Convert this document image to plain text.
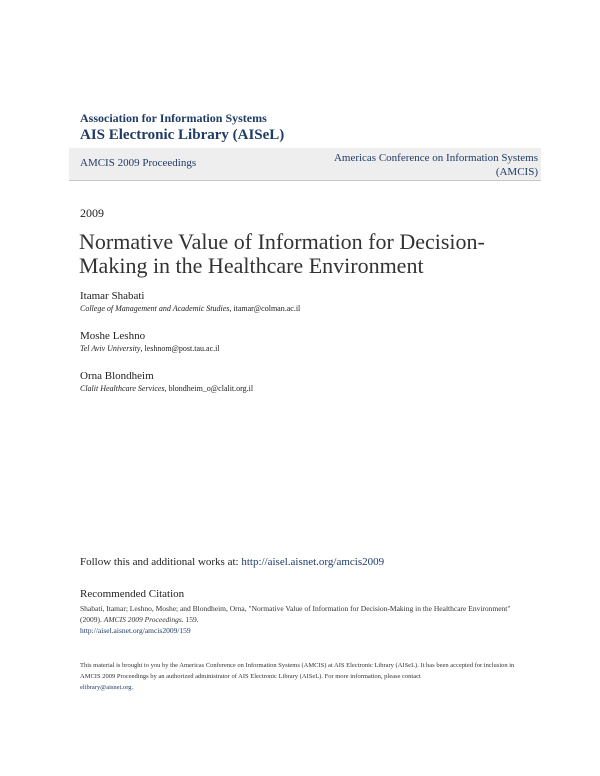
Association for Information Systems
AIS Electronic Library (AISeL)
AMCIS 2009 Proceedings	Americas Conference on Information Systems (AMCIS)
2009
Normative Value of Information for Decision-Making in the Healthcare Environment
Itamar Shabati
College of Management and Academic Studies, itamar@colman.ac.il
Moshe Leshno
Tel Aviv University, leshnom@post.tau.ac.il
Orna Blondheim
Clalit Healthcare Services, blondheim_o@clalit.org.il
Follow this and additional works at: http://aisel.aisnet.org/amcis2009
Recommended Citation
Shabati, Itamar; Leshno, Moshe; and Blondheim, Orna, "Normative Value of Information for Decision-Making in the Healthcare Environment" (2009). AMCIS 2009 Proceedings. 159.
http://aisel.aisnet.org/amcis2009/159
This material is brought to you by the Americas Conference on Information Systems (AMCIS) at AIS Electronic Library (AISeL). It has been accepted for inclusion in AMCIS 2009 Proceedings by an authorized administrator of AIS Electronic Library (AISeL). For more information, please contact
elibrary@aisnet.org.
